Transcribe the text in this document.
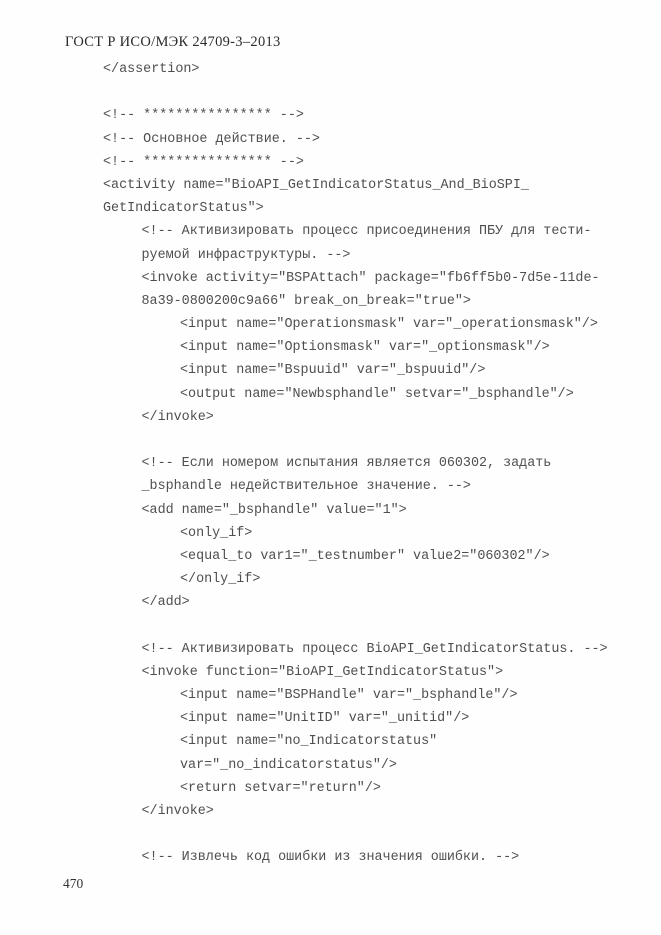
ГОСТ Р ИСО/МЭК 24709-3–2013
</assertion>

<!-- **************** -->
<!-- Основное действие. -->
<!-- **************** -->
<activity name="BioAPI_GetIndicatorStatus_And_BioSPI_
GetIndicatorStatus">
<!-- Активизировать процесс присоединения ПБУ для тести-
руемой инфраструктуры. -->
<invoke activity="BSPAttach" package="fb6ff5b0-7d5e-11de-
8a39-0800200c9a66" break_on_break="true">
<input name="Operationsmask" var="_operationsmask"/>
<input name="Optionsmask" var="_optionsmask"/>
<input name="Bspuuid" var="_bspuuid"/>
<output name="Newbsphandle" setvar="_bsphandle"/>
</invoke>

<!-- Если номером испытания является 060302, задать
_bsphandle недействительное значение. -->
<add name="_bsphandle" value="1">
<only_if>
<equal_to var1="_testnumber" value2="060302"/>
</only_if>
</add>

<!-- Активизировать процесс BioAPI_GetIndicatorStatus. -->
<invoke function="BioAPI_GetIndicatorStatus">
<input name="BSPHandle" var="_bsphandle"/>
<input name="UnitID" var="_unitid"/>
<input name="no_Indicatorstatus"
var="_no_indicatorstatus"/>
<return setvar="return"/>
</invoke>

<!-- Извлечь код ошибки из значения ошибки. -->
470
